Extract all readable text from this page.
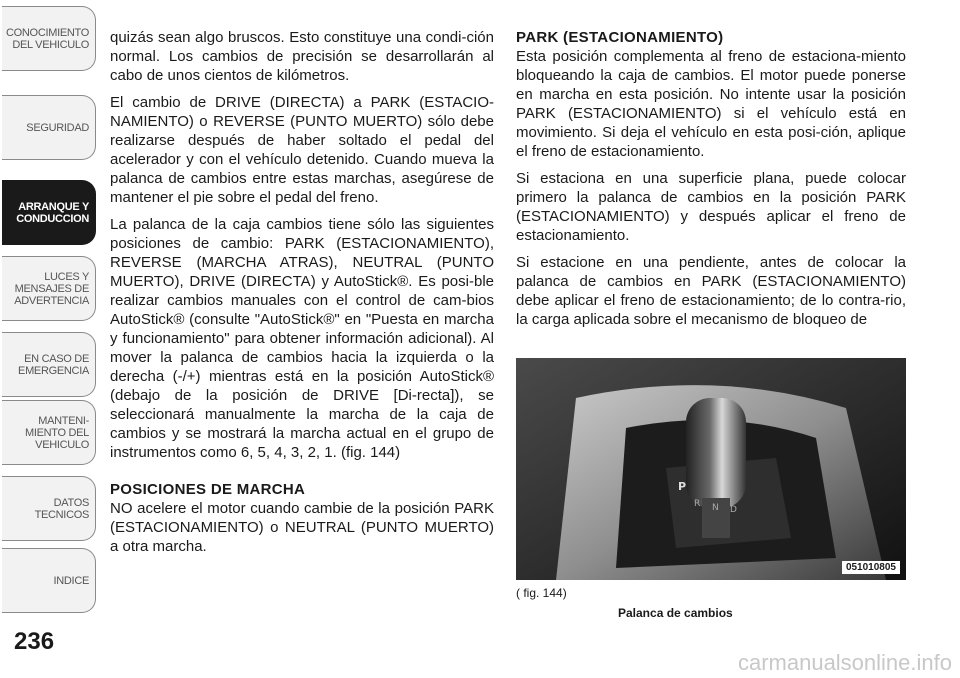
CONOCIMIENTO
DEL VEHICULO
SEGURIDAD
ARRANQUE Y
CONDUCCION
LUCES Y
MENSAJES DE
ADVERTENCIA
EN CASO DE
EMERGENCIA
MANTENI-
MIENTO DEL
VEHICULO
DATOS
TECNICOS
INDICE
236

quizás sean algo bruscos. Esto constituye una condi-ción normal. Los cambios de precisión se desarrollarán al cabo de unos cientos de kilómetros.

El cambio de DRIVE (DIRECTA) a PARK (ESTACIO-NAMIENTO) o REVERSE (PUNTO MUERTO) sólo debe realizarse después de haber soltado el pedal del acelerador y con el vehículo detenido. Cuando mueva la palanca de cambios entre estas marchas, asegúrese de mantener el pie sobre el pedal del freno.

La palanca de la caja cambios tiene sólo las siguientes posiciones de cambio: PARK (ESTACIONAMIENTO), REVERSE (MARCHA ATRAS), NEUTRAL (PUNTO MUERTO), DRIVE (DIRECTA) y AutoStick®. Es posi-ble realizar cambios manuales con el control de cam-bios AutoStick® (consulte "AutoStick®" en "Puesta en marcha y funcionamiento" para obtener información adicional). Al mover la palanca de cambios hacia la izquierda o la derecha (-/+) mientras está en la posición AutoStick® (debajo de la posición de DRIVE [Di-recta]), se seleccionará manualmente la marcha de la caja de cambios y se mostrará la marcha actual en el grupo de instrumentos como 6, 5, 4, 3, 2, 1. (fig. 144)

POSICIONES DE MARCHA

NO acelere el motor cuando cambie de la posición PARK (ESTACIONAMIENTO) o NEUTRAL (PUNTO MUERTO) a otra marcha.

PARK (ESTACIONAMIENTO)

Esta posición complementa al freno de estaciona-miento bloqueando la caja de cambios. El motor puede ponerse en marcha en esta posición. No intente usar la posición PARK (ESTACIONAMIENTO) si el vehículo está en movimiento. Si deja el vehículo en esta posi-ción, aplique el freno de estacionamiento.

Si estaciona en una superficie plana, puede colocar primero la palanca de cambios en la posición PARK (ESTACIONAMIENTO) y después aplicar el freno de estacionamiento.

Si estacione en una pendiente, antes de colocar la palanca de cambios en PARK (ESTACIONAMIENTO) debe aplicar el freno de estacionamiento; de lo contra-rio, la carga aplicada sobre el mecanismo de bloqueo de

P
R N D
051010805
( fig. 144)
Palanca de cambios
carmanualsonline.info
